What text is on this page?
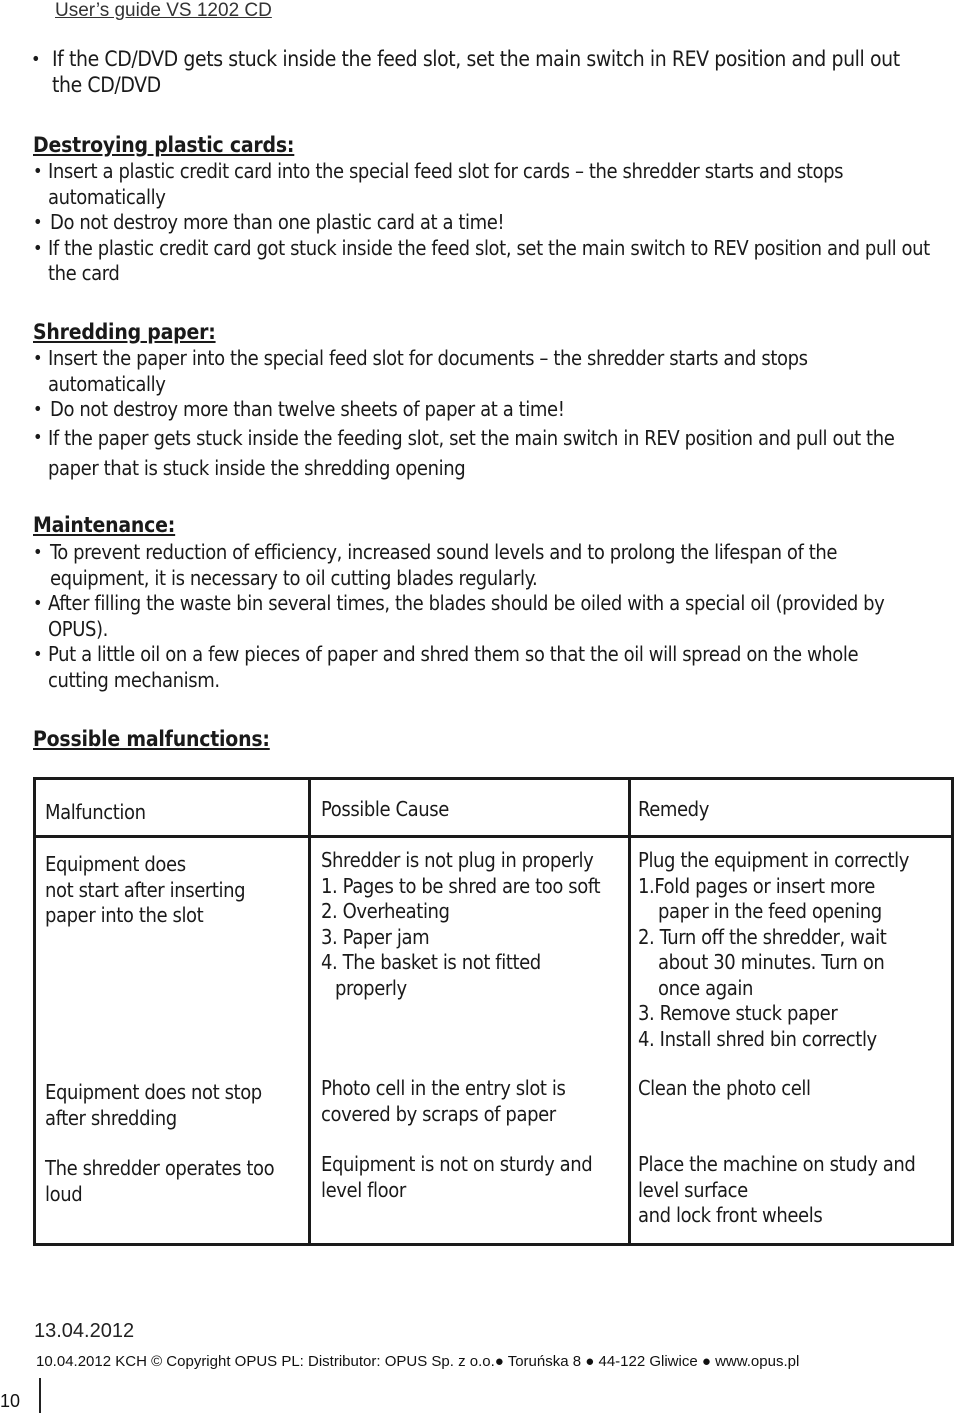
User’s guide VS 1202 CD
• If the CD/DVD gets stuck inside the feed slot, set the main switch in REV position and pull out the CD/DVD
Destroying plastic cards:
• Insert a plastic credit card into the special feed slot for cards – the shredder starts and stops automatically
• Do not destroy more than one plastic card at a time!
• If the plastic credit card got stuck inside the feed slot, set the main switch to REV position and pull out the card
Shredding paper:
• Insert the paper into the special feed slot for documents – the shredder starts and stops automatically
• Do not destroy more than twelve sheets of paper at a time!
• If the paper gets stuck inside the feeding slot, set the main switch in REV position and pull out the paper that is stuck inside the shredding opening
Maintenance:
• To prevent reduction of efficiency, increased sound levels and to prolong the lifespan of the equipment, it is necessary to oil cutting blades regularly.
• After filling the waste bin several times, the blades should be oiled with a special oil (provided by OPUS).
• Put a little oil on a few pieces of paper and shred them so that the oil will spread on the whole cutting mechanism.
Possible malfunctions:
Malfunction	Possible Cause	Remedy
Equipment does
not start after inserting
paper into the slot
Shredder is not plug in properly
1. Pages to be shred are too soft
2. Overheating
3. Paper jam
4. The basket is not fitted
properly
Plug the equipment in correctly
1.Fold pages or insert more
paper in the feed opening
2. Turn off the shredder, wait
about 30 minutes. Turn on
once again
3. Remove stuck paper
4. Install shred bin correctly
Equipment does not stop
after shredding
Photo cell in the entry slot is
covered by scraps of paper
Clean the photo cell
The shredder operates too
loud
Equipment is not on sturdy and
level floor
Place the machine on study and
level surface
and lock front wheels
13.04.2012
10.04.2012 KCH © Copyright OPUS PL: Distributor: OPUS Sp. z o.o.● Toruńska 8 ● 44-122 Gliwice ● www.opus.pl
10
